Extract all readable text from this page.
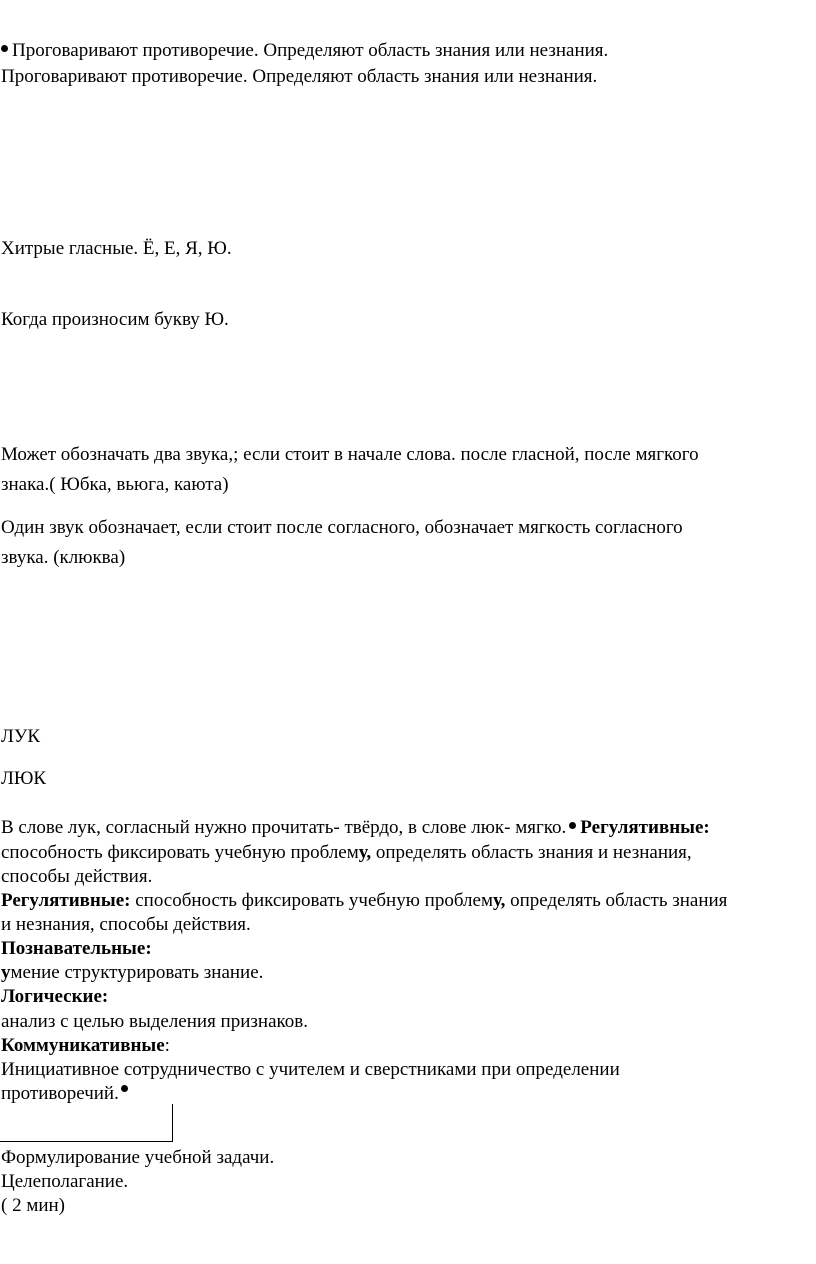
Проговаривают противоречие. Определяют область знания или незнания.
Проговаривают противоречие. Определяют область знания или незнания.
Хитрые гласные. Ё, Е, Я, Ю.
Когда произносим букву Ю.
Может обозначать два звука,; если стоит в начале слова. после гласной, после мягкого
знака.( Юбка, вьюга, каюта)
Один звук обозначает, если стоит после согласного, обозначает мягкость согласного
звука. (клюква)
ЛУК
ЛЮК
В слове лук, согласный нужно прочитать- твёрдо, в слове люк- мягко. Регулятивные:
способность фиксировать учебную проблему, определять область знания и незнания,
способы действия.
Регулятивные: способность фиксировать учебную проблему, определять область знания
и незнания, способы действия.
Познавательные:
умение структурировать знание.
Логические:
анализ с целью выделения признаков.
Коммуникативные:
Инициативное сотрудничество с учителем и сверстниками при определении
противоречий.
Формулирование учебной задачи.
Целеполагание.
( 2 мин)
